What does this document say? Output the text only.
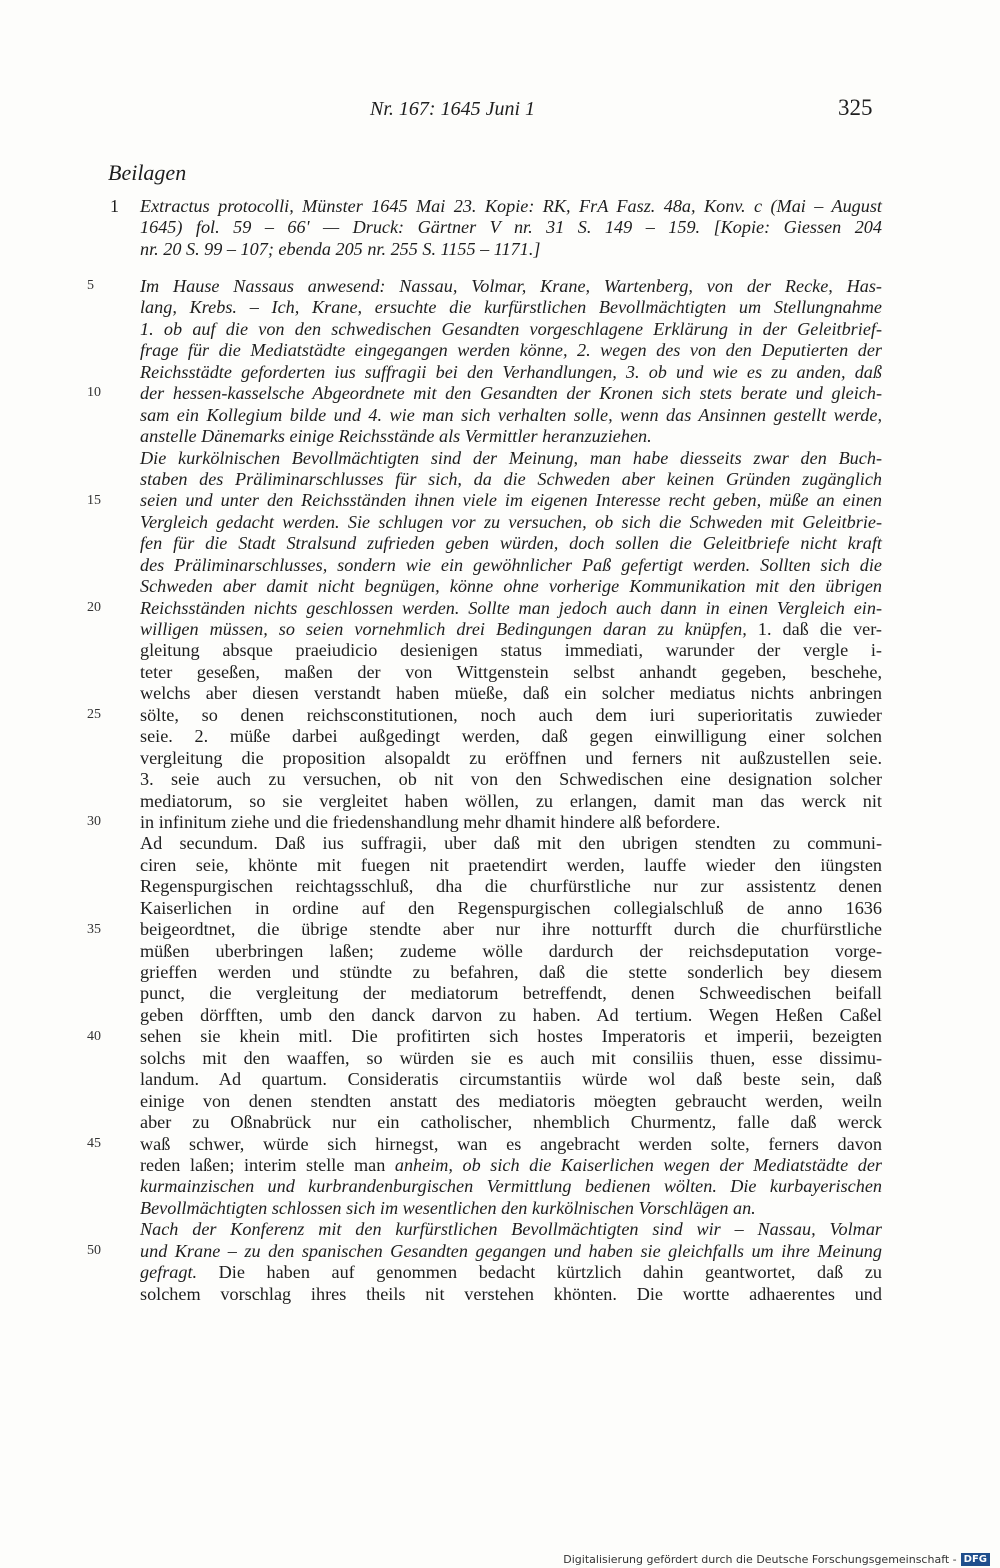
Nr. 167: 1645 Juni 1	325
Beilagen
1 Extractus protocolli, Münster 1645 Mai 23. Kopie: RK, FrA Fasz. 48a, Konv. c (Mai – August
1645) fol. 59 – 66' — Druck: Gärtner V nr. 31 S. 149 – 159. [Kopie: Giessen 204
nr. 20 S. 99 – 107; ebenda 205 nr. 255 S. 1155 – 1171.]
Im Hause Nassaus anwesend: Nassau, Volmar, Krane, Wartenberg, von der Recke, Has-
lang, Krebs. – Ich, Krane, ersuchte die kurfürstlichen Bevollmächtigten um Stellungnahme
1. ob auf die von den schwedischen Gesandten vorgeschlagene Erklärung in der Geleitbrief-
frage für die Mediatstädte eingegangen werden könne, 2. wegen des von den Deputierten der
Reichsstädte geforderten ius suffragii bei den Verhandlungen, 3. ob und wie es zu anden, daß
der hessen-kasselsche Abgeordnete mit den Gesandten der Kronen sich stets berate und gleich-
sam ein Kollegium bilde und 4. wie man sich verhalten solle, wenn das Ansinnen gestellt werde,
anstelle Dänemarks einige Reichsstände als Vermittler heranzuziehen.
Die kurkölnischen Bevollmächtigten sind der Meinung, man habe diesseits zwar den Buch-
staben des Präliminarschlusses für sich, da die Schweden aber keinen Gründen zugänglich
seien und unter den Reichsständen ihnen viele im eigenen Interesse recht geben, müße an einen
Vergleich gedacht werden. Sie schlugen vor zu versuchen, ob sich die Schweden mit Geleitbrie-
fen für die Stadt Stralsund zufrieden geben würden, doch sollen die Geleitbriefe nicht kraft
des Präliminarschlusses, sondern wie ein gewöhnlicher Paß gefertigt werden. Sollten sich die
Schweden aber damit nicht begnügen, könne ohne vorherige Kommunikation mit den übrigen
Reichsständen nichts geschlossen werden. Sollte man jedoch auch dann in einen Vergleich ein-
willigen müssen, so seien vornehmlich drei Bedingungen daran zu knüpfen, 1. daß die ver-
gleitung absque praeiudicio desienigen status immediati, warunder der vergle i-
teter geseßen, maßen der von Wittgenstein selbst anhandt gegeben, beschehe,
welchs aber diesen verstandt haben müeße, daß ein solcher mediatus nichts anbringen
sölte, so denen reichsconstitutionen, noch auch dem iuri superioritatis zuwieder
seie. 2. müße darbei außgedingt werden, daß gegen einwilligung einer solchen
vergleitung die proposition alsopaldt zu eröffnen und ferners nit außzustellen seie.
3. seie auch zu versuchen, ob nit von den Schwedischen eine designation solcher
mediatorum, so sie vergleitet haben wöllen, zu erlangen, damit man das werck nit
in infinitum ziehe und die friedenshandlung mehr dhamit hindere alß befordere.
Ad secundum. Daß ius suffragii, uber daß mit den ubrigen stendten zu communi-
ciren seie, khönte mit fuegen nit praetendirt werden, lauffe wieder den iüngsten
Regenspurgischen reichtagsschluß, dha die churfürstliche nur zur assistentz denen
Kaiserlichen in ordine auf den Regenspurgischen collegialschluß de anno 1636
beigeordtnet, die übrige stendte aber nur ihre notturfft durch die churfürstliche
müßen uberbringen laßen; zudeme wölle dardurch der reichsdeputation vorge-
grieffen werden und stündte zu befahren, daß die stette sonderlich bey diesem
punct, die vergleitung der mediatorum betreffendt, denen Schweedischen beifall
geben dörfften, umb den danck darvon zu haben. Ad tertium. Wegen Heßen Caßel
sehen sie khein mitl. Die profitirten sich hostes Imperatoris et imperii, bezeigten
solchs mit den waaffen, so würden sie es auch mit consiliis thuen, esse dissimu-
landum. Ad quartum. Consideratis circumstantiis würde wol daß beste sein, daß
einige von denen stendten anstatt des mediatoris möegten gebraucht werden, weiln
aber zu Oßnabrück nur ein catholischer, nhemblich Churmentz, falle daß werck
waß schwer, würde sich hirnegst, wan es angebracht werden solte, ferners davon
reden laßen; interim stelle man anheim, ob sich die Kaiserlichen wegen der Mediatstädte der
kurmainzischen und kurbrandenburgischen Vermittlung bedienen wölten. Die kurbayerischen
Bevollmächtigten schlossen sich im wesentlichen den kurkölnischen Vorschlägen an.
Nach der Konferenz mit den kurfürstlichen Bevollmächtigten sind wir – Nassau, Volmar
und Krane – zu den spanischen Gesandten gegangen und haben sie gleichfalls um ihre Meinung
gefragt. Die haben auf genommen bedacht kürtzlich dahin geantwortet, daß zu
solchem vorschlag ihres theils nit verstehen khönten. Die wortte adhaerentes und
5
10
15
20
25
30
35
40
45
50
Digitalisierung gefördert durch die Deutsche Forschungsgemeinschaft - DFG
